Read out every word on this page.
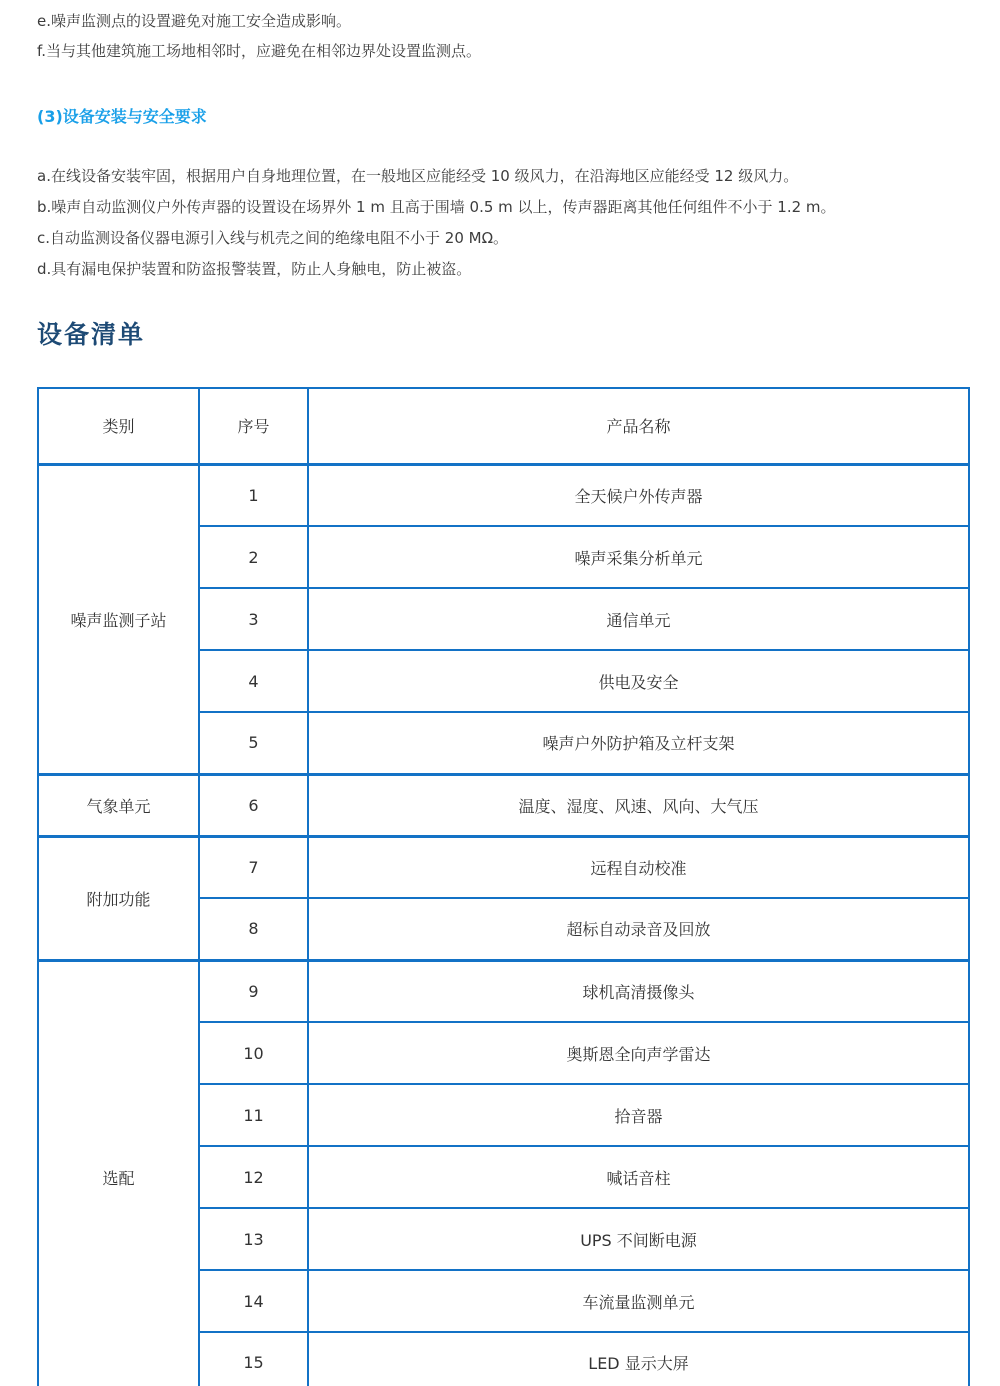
e.噪声监测点的设置避免对施工安全造成影响。

f.当与其他建筑施工场地相邻时，应避免在相邻边界处设置监测点。

(3)设备安装与安全要求

a.在线设备安装牢固，根据用户自身地理位置，在一般地区应能经受 10 级风力，在沿海地区应能经受 12 级风力。

b.噪声自动监测仪户外传声器的设置设在场界外 1 m 且高于围墙 0.5 m 以上，传声器距离其他任何组件不小于 1.2 m。

c.自动监测设备仪器电源引入线与机壳之间的绝缘电阻不小于 20 MΩ。

d.具有漏电保护装置和防盗报警装置，防止人身触电，防止被盗。

设备清单
类别	序号	产品名称
噪声监测子站	1	全天候户外传声器
	2	噪声采集分析单元
	3	通信单元
	4	供电及安全
	5	噪声户外防护箱及立杆支架
气象单元	6	温度、湿度、风速、风向、大气压
附加功能	7	远程自动校准
	8	超标自动录音及回放
选配	9	球机高清摄像头
	10	奥斯恩全向声学雷达
	11	拾音器
	12	喊话音柱
	13	UPS 不间断电源
	14	车流量监测单元
	15	LED 显示大屏
